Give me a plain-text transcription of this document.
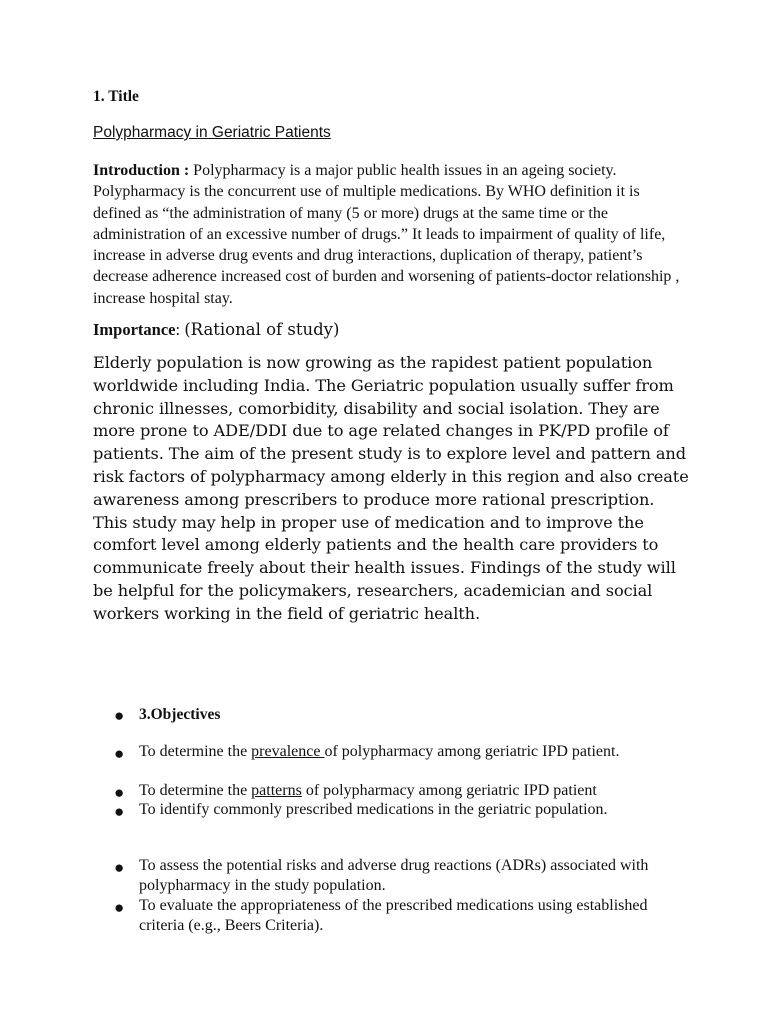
1. Title
Polypharmacy in Geriatric Patients
Introduction : Polypharmacy is a major public health issues in an ageing society. Polypharmacy is the concurrent use of multiple medications. By WHO definition it is defined as “the administration of many (5 or more) drugs at the same time or the administration of an excessive number of drugs.” It leads to impairment of quality of life, increase in adverse drug events and drug interactions, duplication of therapy, patient’s decrease adherence increased cost of burden and worsening of patients-doctor relationship , increase hospital stay.
Importance: (Rational of study)
Elderly population is now growing as the rapidest patient population worldwide including India. The Geriatric population usually suffer from chronic illnesses, comorbidity, disability and social isolation. They are more prone to ADE/DDI due to age related changes in PK/PD profile of patients. The aim of the present study is to explore level and pattern and risk factors of polypharmacy among elderly in this region and also create awareness among prescribers to produce more rational prescription. This study may help in proper use of medication and to improve the comfort level among elderly patients and the health care providers to communicate freely about their health issues. Findings of the study will be helpful for the policymakers, researchers, academician and social workers working in the field of geriatric health.
● 3.Objectives
● To determine the prevalence of polypharmacy among geriatric IPD patient.
● To determine the patterns of polypharmacy among geriatric IPD patient
● To identify commonly prescribed medications in the geriatric population.
● To assess the potential risks and adverse drug reactions (ADRs) associated with polypharmacy in the study population.
● To evaluate the appropriateness of the prescribed medications using established criteria (e.g., Beers Criteria).
